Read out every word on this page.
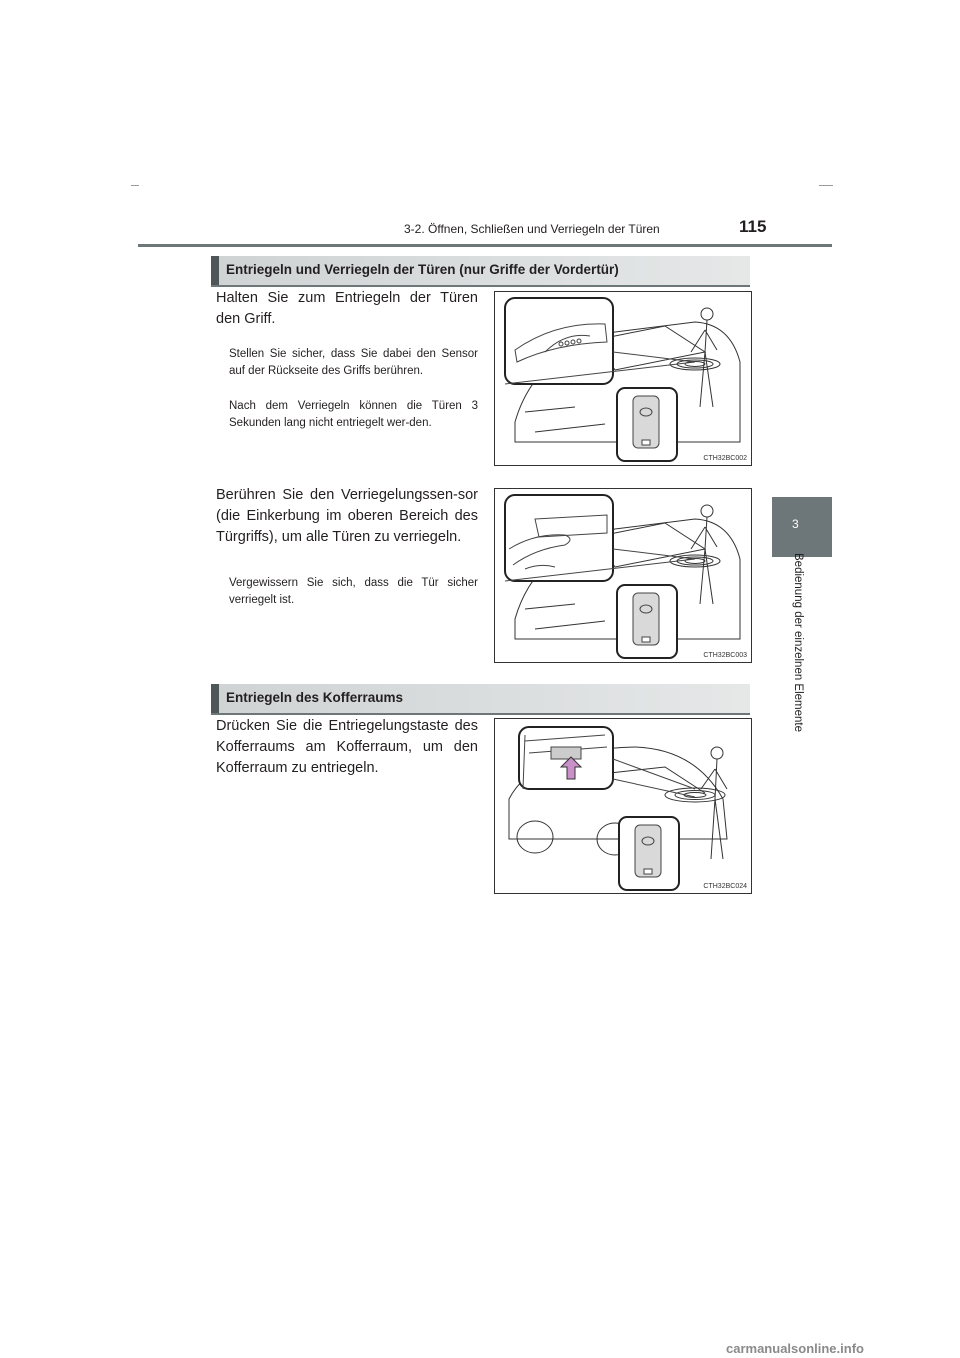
3-2. Öffnen, Schließen und Verriegeln der Türen	115
3
Bedienung der einzelnen Elemente
Entriegeln und Verriegeln der Türen (nur Griffe der Vordertür)
Halten Sie zum Entriegeln der Türen den Griff.
Stellen Sie sicher, dass Sie dabei den Sensor auf der Rückseite des Griffs berühren.
Nach dem Verriegeln können die Türen 3 Sekunden lang nicht entriegelt wer-den.
CTH32BC002
Berühren Sie den Verriegelungssen-sor (die Einkerbung im oberen Bereich des Türgriffs), um alle Türen zu verriegeln.
Vergewissern Sie sich, dass die Tür sicher verriegelt ist.
CTH32BC003
Entriegeln des Kofferraums
Drücken Sie die Entriegelungstaste des Kofferraums am Kofferraum, um den Kofferraum zu entriegeln.
CTH32BC024
carmanualsonline.info
